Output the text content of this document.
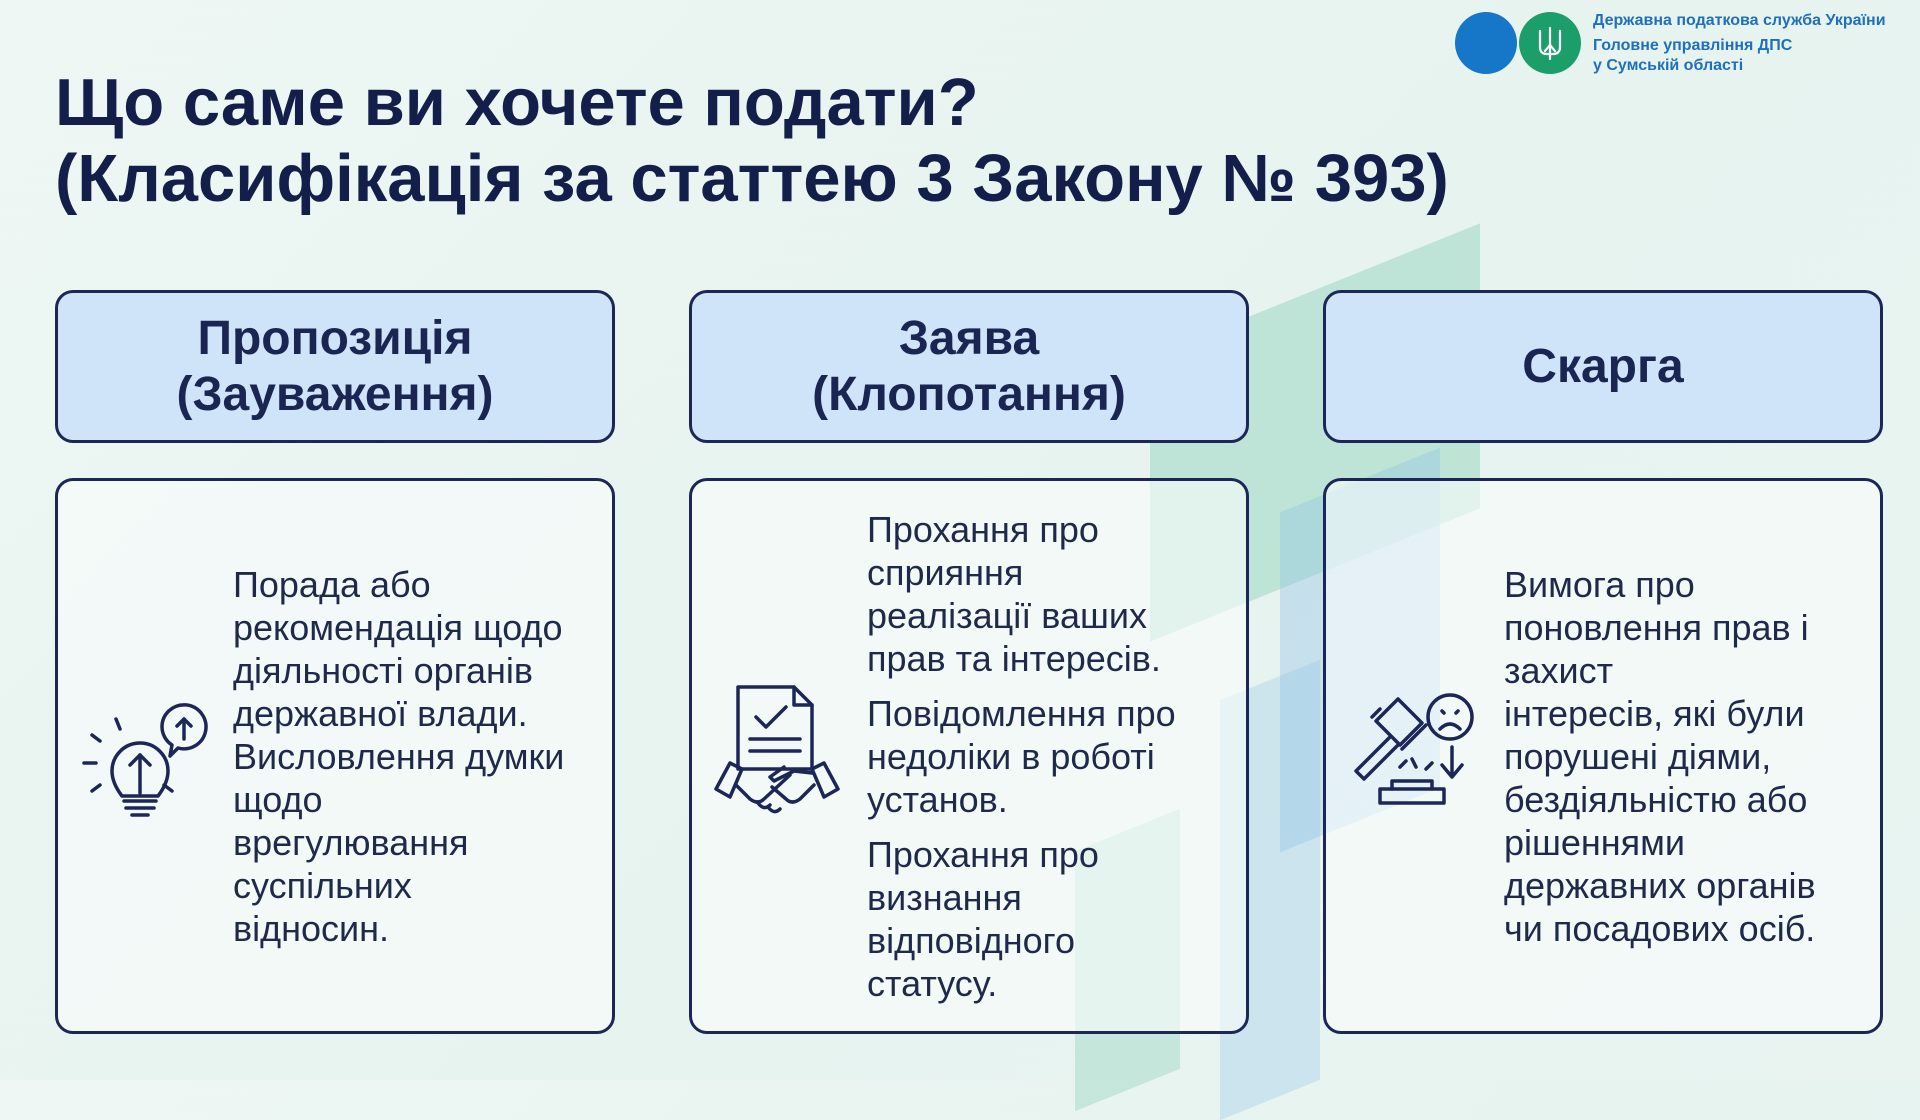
Державна податкова служба України
Головне управління ДПС
у Сумській області
Що саме ви хочете подати?
(Класифікація за статтею 3 Закону № 393)
Пропозиція
(Зауваження)
Заява
(Клопотання)
Скарга
Порада або
рекомендація щодо
діяльності органів
державної влади.
Висловлення думки
щодо
врегулювання
суспільних
відносин.
Прохання про
сприяння
реалізації ваших
прав та інтересів.
Повідомлення про
недоліки в роботі
установ.
Прохання про
визнання
відповідного
статусу.
Вимога про
поновлення прав і
захист
інтересів, які були
порушені діями,
бездіяльністю або
рішеннями
державних органів
чи посадових осіб.
